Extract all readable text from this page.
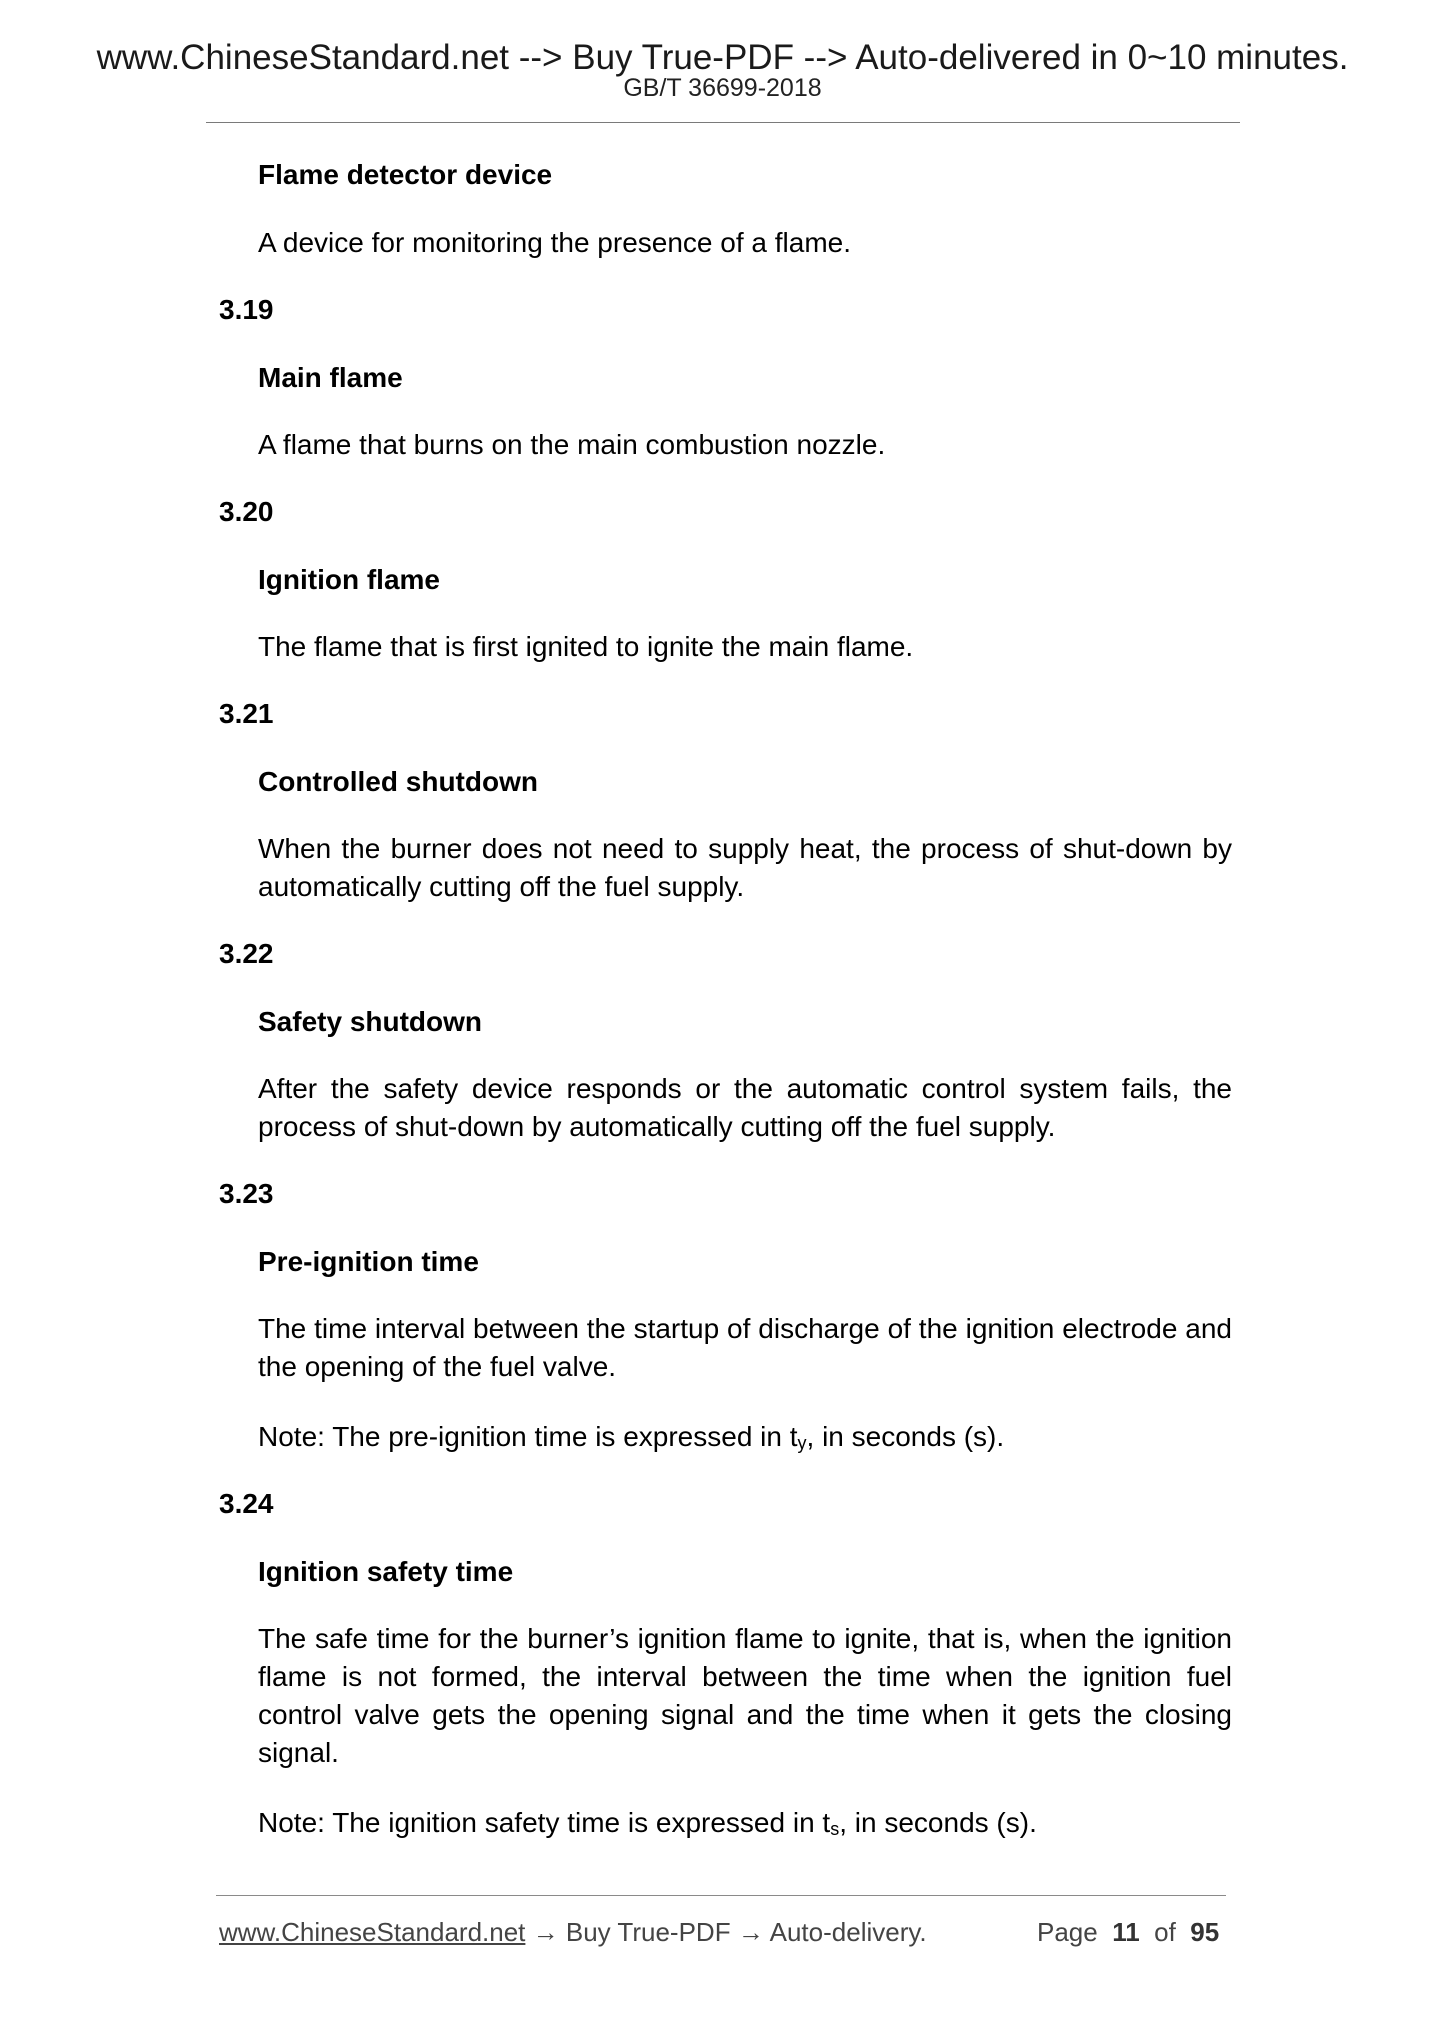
www.ChineseStandard.net --> Buy True-PDF --> Auto-delivered in 0~10 minutes.
GB/T 36699-2018
Flame detector device
A device for monitoring the presence of a flame.
3.19
Main flame
A flame that burns on the main combustion nozzle.
3.20
Ignition flame
The flame that is first ignited to ignite the main flame.
3.21
Controlled shutdown
When the burner does not need to supply heat, the process of shut-down by automatically cutting off the fuel supply.
3.22
Safety shutdown
After the safety device responds or the automatic control system fails, the process of shut-down by automatically cutting off the fuel supply.
3.23
Pre-ignition time
The time interval between the startup of discharge of the ignition electrode and the opening of the fuel valve.
Note: The pre-ignition time is expressed in $t_y$, in seconds (s).
3.24
Ignition safety time
The safe time for the burner’s ignition flame to ignite, that is, when the ignition flame is not formed, the interval between the time when the ignition fuel control valve gets the opening signal and the time when it gets the closing signal.
Note: The ignition safety time is expressed in $t_s$, in seconds (s).
www.ChineseStandard.net → Buy True-PDF → Auto-delivery.	Page 11 of 95
